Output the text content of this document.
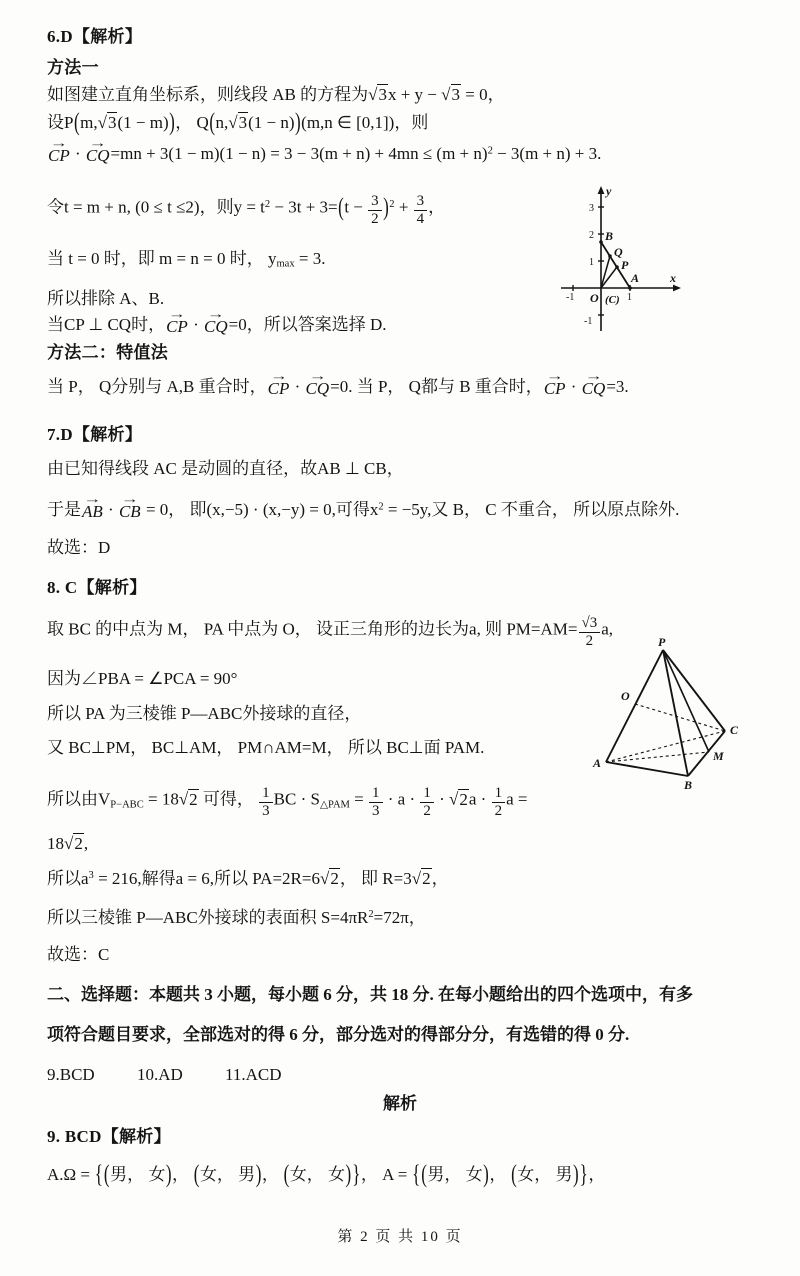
6.D【解析】
方法一
如图建立直角坐标系，则线段 AB 的方程为√3x + y − √3 = 0，
设P(m,√3(1 − m))， Q(n,√3(1 − n))(m,n ∈ [0,1])，则
→
CP ·
→
CQ $=mn + 3(1 - m)(1 - n) = 3 - 3(m + n) + 4mn \le (m + n)^2 - 3(m + n) + 3$.
令t = m + n, (0 ≤ t ≤2)，则$y = t^2 - 3t + 3=(t - \frac{3}{2} )^2 + \frac{3}{4}$ ，
当 t = 0 时，即 m = n = 0 时， $y_{max} = 3$.
所以排除 A、B.
当CP ⊥ CQ时，
→
CP ·
→
CQ =0，所以答案选择 D.
方法二：特值法
当 P， Q分别与 A,B 重合时，
→
CP ·
→
CQ =0. 当 P， Q都与 B 重合时，
→
CP ·
→
CQ =3.
y
x
3
2
1
-1
-1	1
B
Q
P
A
O (C)
7.D【解析】
由已知得线段 AC 是动圆的直径，故AB ⊥ CB，
于是
→
AB ·
→
CB = 0， 即(x,−5) · (x,−y) = 0,可得$x^2 = -5y$,又 B， C 不重合， 所以原点除外.
故选：D
8. C【解析】
取 BC 的中点为 M， PA 中点为 O， 设正三角形的边长为a, 则 $PM=AM= \frac{√3}{2} a$,
因为∠PBA = ∠PCA = 90°
所以 PA 为三棱锥 P—ABC外接球的直径，
又 BC⊥PM， BC⊥AM， PM∩AM=M， 所以 BC⊥面 PAM.
所以由$V_{P-ABC} = 18√2$ 可得， $\frac{1}{3}$ BC · $S_{\triangle PAM} = \frac{1}{3} \cdot a \cdot \frac{1}{2} \cdot √2a \cdot \frac{1}{2}$ a =
18√2,
所以$a^3 = 216$,解得a = 6,所以 PA=2R=6√2， 即 R=3√2，
所以三棱锥 P—ABC外接球的表面积 $S=4\pi R^2=72\pi$，
故选：C
P
A
B
C
M
O
二、选择题：本题共 3 小题，每小题 6 分，共 18 分. 在每小题给出的四个选项中，有多
项符合题目要求，全部选对的得 6 分，部分选对的得部分分，有选错的得 0 分.
9.BCD 10.AD 11.ACD
解析
9. BCD【解析】
A.Ω = {(男， 女)， (女， 男)， (女， 女)}， A = {(男， 女)， (女， 男)}，
第 2 页 共 10 页
